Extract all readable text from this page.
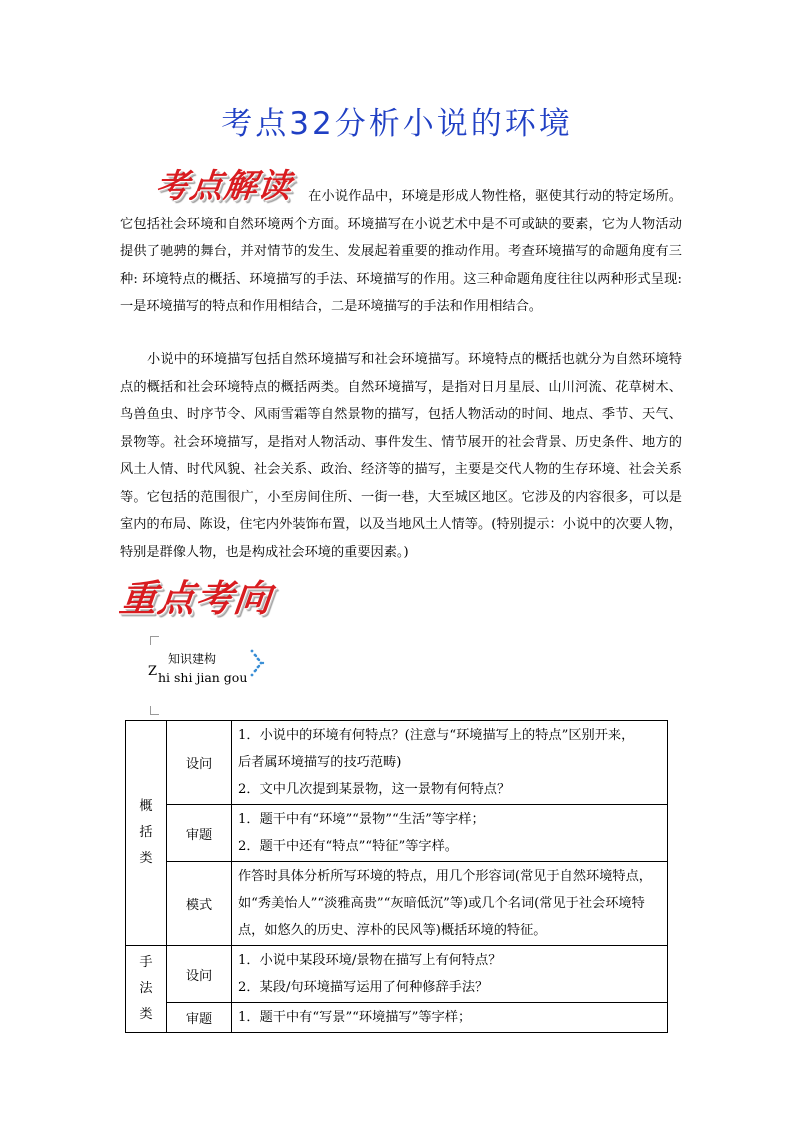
考点32分析小说的环境
考点解读	在小说作品中，环境是形成人物性格，驱使其行动的特定场所。它包括社会环境和自然环境两个方面。环境描写在小说艺术中是不可或缺的要素，它为人物活动提供了驰骋的舞台，并对情节的发生、发展起着重要的推动作用。考查环境描写的命题角度有三种: 环境特点的概括、环境描写的手法、环境描写的作用。这三种命题角度往往以两种形式呈现: 一是环境描写的特点和作用相结合，二是环境描写的手法和作用相结合。

小说中的环境描写包括自然环境描写和社会环境描写。环境特点的概括也就分为自然环境特点的概括和社会环境特点的概括两类。自然环境描写，是指对日月星辰、山川河流、花草树木、鸟兽鱼虫、时序节令、风雨雪霜等自然景物的描写，包括人物活动的时间、地点、季节、天气、景物等。社会环境描写，是指对人物活动、事件发生、情节展开的社会背景、历史条件、地方的风土人情、时代风貌、社会关系、政治、经济等的描写，主要是交代人物的生存环境、社会关系等。它包括的范围很广，小至房间住所、一街一巷，大至城区地区。它涉及的内容很多，可以是室内的布局、陈设，住宅内外装饰布置，以及当地风土人情等。(特别提示：小说中的次要人物，特别是群像人物，也是构成社会环境的重要因素。)

重点考向
知识建构
Z hi shi jian gou
概括类	设问	1．小说中的环境有何特点？(注意与“环境描写上的特点”区别开来，
后者属环境描写的技巧范畴)
2．文中几次提到某景物，这一景物有何特点？

	审题	1．题干中有“环境”“景物”“生活”等字样；
2．题干中还有“特点”“特征”等字样。

	模式	作答时具体分析所写环境的特点，用几个形容词(常见于自然环境特点，如“秀美怡人”“淡雅高贵”“灰暗低沉”等)或几个名词(常见于社会环境特点，如悠久的历史、淳朴的民风等)概括环境的特征。
手法类	设问	1．小说中某段环境/景物在描写上有何特点？
2．某段/句环境描写运用了何种修辞手法？

	审题	1．题干中有“写景”“环境描写”等字样；
